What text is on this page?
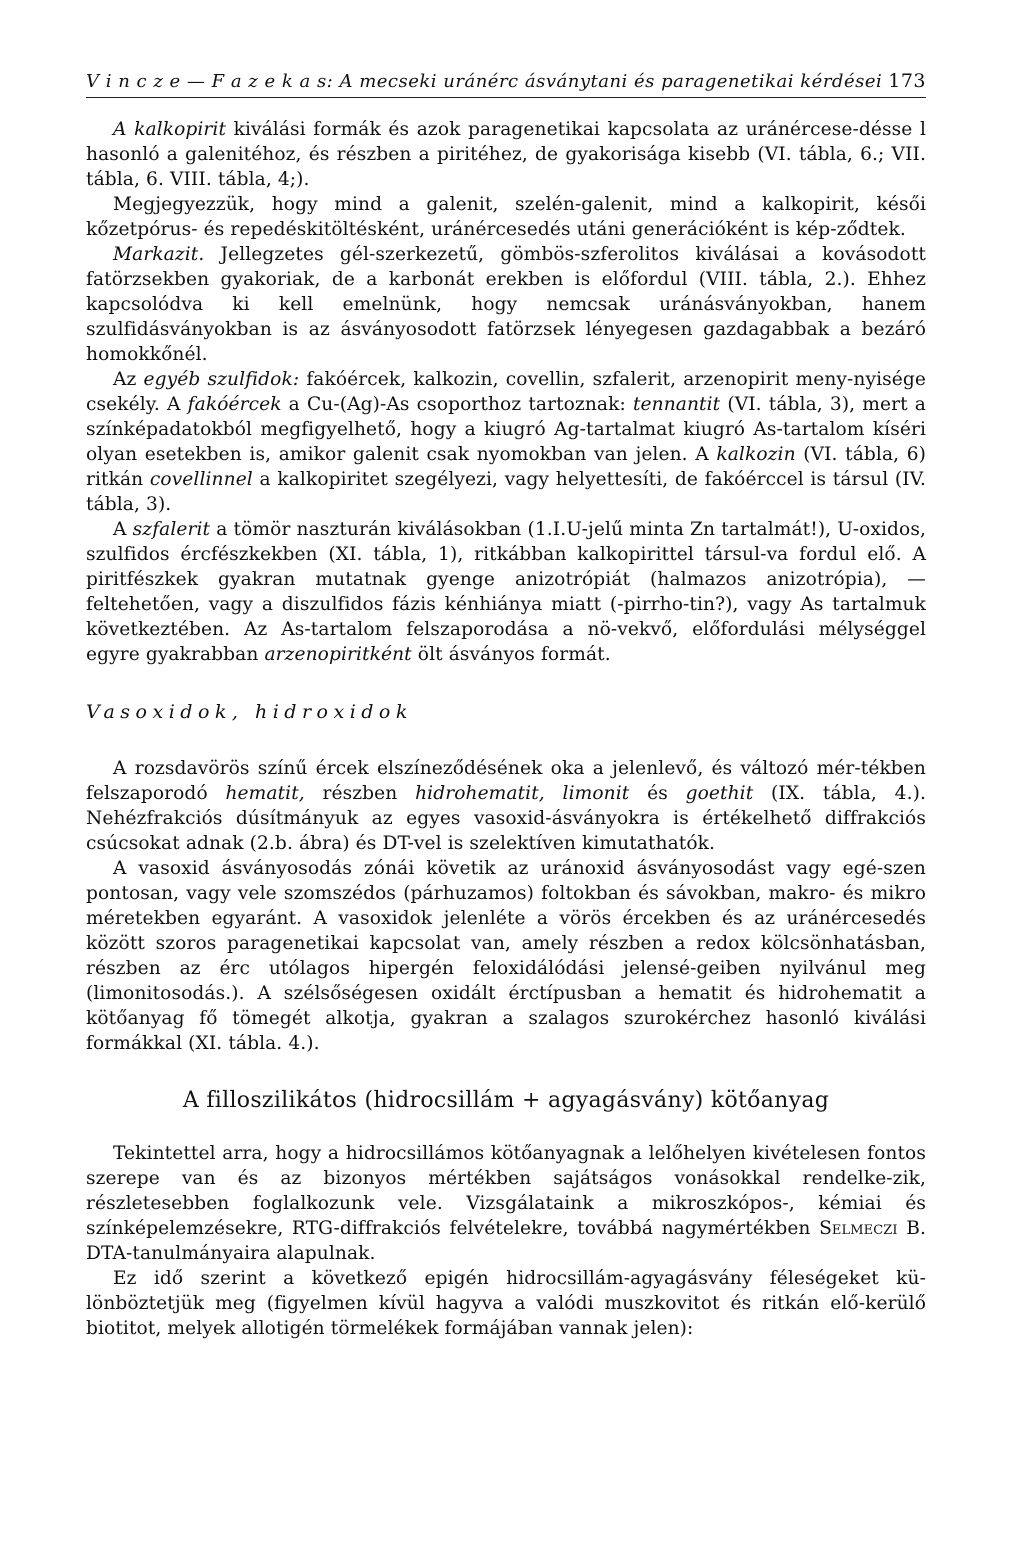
V i n c z e — F a z e k a s: A mecseki uránérc ásványtani és paragenetikai kérdései 173

A kalkopirit kiválási formák és azok paragenetikai kapcsolata az uránércese-désse l hasonló a galenitéhoz, és részben a piritéhez, de gyakorisága kisebb (VI. tábla, 6.; VII. tábla, 6. VIII. tábla, 4;).

Megjegyezzük, hogy mind a galenit, szelén-galenit, mind a kalkopirit, késői kőzetpórus- és repedéskitöltésként, uránércesedés utáni generációként is kép-ződtek.

Markazit. Jellegzetes gél-szerkezetű, gömbös-szferolitos kiválásai a kovásodott fatörzsekben gyakoriak, de a karbonát erekben is előfordul (VIII. tábla, 2.). Ehhez kapcsolódva ki kell emelnünk, hogy nemcsak uránásványokban, hanem szulfidásványokban is az ásványosodott fatörzsek lényegesen gazdagabbak a bezáró homokkőnél.

Az egyéb szulfidok: fakóércek, kalkozin, covellin, szfalerit, arzenopirit meny-nyisége csekély. A fakóércek a Cu-(Ag)-As csoporthoz tartoznak: tennantit (VI. tábla, 3), mert a színképadatokból megfigyelhető, hogy a kiugró Ag-tartalmat kiugró As-tartalom kíséri olyan esetekben is, amikor galenit csak nyomokban van jelen. A kalkozin (VI. tábla, 6) ritkán covellinnel a kalkopiritet szegélyezi, vagy helyettesíti, de fakóérccel is társul (IV. tábla, 3).

A szfalerit a tömör naszturán kiválásokban (1.I.U-jelű minta Zn tartalmát!), U-oxidos, szulfidos ércfészkekben (XI. tábla, 1), ritkábban kalkopirittel társul-va fordul elő. A piritfészkek gyakran mutatnak gyenge anizotrópiát (halmazos anizotrópia), — feltehetően, vagy a diszulfidos fázis kénhiánya miatt (-pirrho-tin?), vagy As tartalmuk következtében. Az As-tartalom felszaporodása a nö-vekvő, előfordulási mélységgel egyre gyakrabban arzenopiritként ölt ásványos formát.

Vasoxidok, hidroxidok

A rozsdavörös színű ércek elszíneződésének oka a jelenlevő, és változó mér-tékben felszaporodó hematit, részben hidrohematit, limonit és goethit (IX. tábla, 4.). Nehézfrakciós dúsítmányuk az egyes vasoxid-ásványokra is értékelhető diffrakciós csúcsokat adnak (2.b. ábra) és DT-vel is szelektíven kimutathatók.

A vasoxid ásványosodás zónái követik az uránoxid ásványosodást vagy egé-szen pontosan, vagy vele szomszédos (párhuzamos) foltokban és sávokban, makro- és mikro méretekben egyaránt. A vasoxidok jelenléte a vörös ércekben és az uránércesedés között szoros paragenetikai kapcsolat van, amely részben a redox kölcsönhatásban, részben az érc utólagos hipergén feloxidálódási jelensé-geiben nyilvánul meg (limonitosodás.). A szélsőségesen oxidált érctípusban a hematit és hidrohematit a kötőanyag fő tömegét alkotja, gyakran a szalagos szurokérchez hasonló kiválási formákkal (XI. tábla. 4.).

A filloszilikátos (hidrocsillám + agyagásvány) kötőanyag

Tekintettel arra, hogy a hidrocsillámos kötőanyagnak a lelőhelyen kivételesen fontos szerepe van és az bizonyos mértékben sajátságos vonásokkal rendelke-zik, részletesebben foglalkozunk vele. Vizsgálataink a mikroszkópos-, kémiai és színképelemzésekre, RTG-diffrakciós felvételekre, továbbá nagymértékben Selmeczi B. DTA-tanulmányaira alapulnak.

Ez idő szerint a következő epigén hidrocsillám-agyagásvány féleségeket kü-lönböztetjük meg (figyelmen kívül hagyva a valódi muszkovitot és ritkán elő-kerülő biotitot, melyek allotigén törmelékek formájában vannak jelen):
